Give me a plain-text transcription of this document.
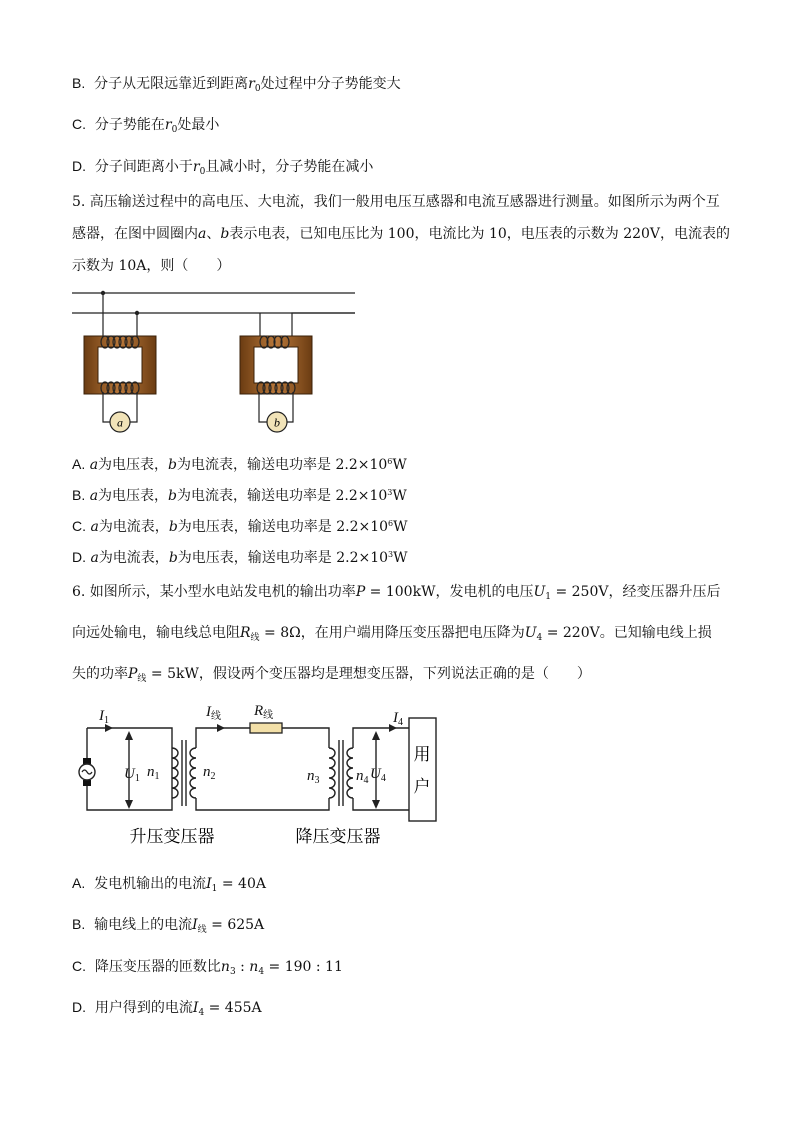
B. 分子从无限远靠近到距离$r_0$处过程中分子势能变大
C. 分子势能在$r_0$处最小
D. 分子间距离小于$r_0$且减小时，分子势能在减小
5. 高压输送过程中的高电压、大电流，我们一般用电压互感器和电流互感器进行测量。如图所示为两个互
感器，在图中圆圈内a、b表示电表，已知电压比为 100，电流比为 10，电压表的示数为 220V，电流表的
示数为 10A，则（　　）
a	b
A. a为电压表，b为电流表，输送电功率是 $2.2\times 10^6W$
B. a为电压表，b为电流表，输送电功率是 $2.2\times 10^3W$
C. a为电流表，b为电压表，输送电功率是 $2.2\times 10^6W$
D. a为电流表，b为电压表，输送电功率是 $2.2\times 10^3W$
6. 如图所示，某小型水电站发电机的输出功率P = 100kW，发电机的电压$U_1 = 250V$，经变压器升压后
向远处输电，输电线总电阻$R_线 = 8\Omega$，在用户端用降压变压器把电压降为$U_4 = 220V$。已知输电线上损
失的功率$P_线 = 5kW$，假设两个变压器均是理想变压器，下列说法正确的是（　　）
$I_1$
$I_线$ $R_线$	$I_4$
$U_1$ $n_1$	$n_2$	$n_3$ $n_4$ $U_4$
用
户
升压变压器	降压变压器
A. 发电机输出的电流$I_1 = 40A$
B. 输电线上的电流$I_线 = 625A$
C. 降压变压器的匝数比$n_3$ : $n_4 = 190$ : 11
D. 用户得到的电流$I_4 = 455A$
